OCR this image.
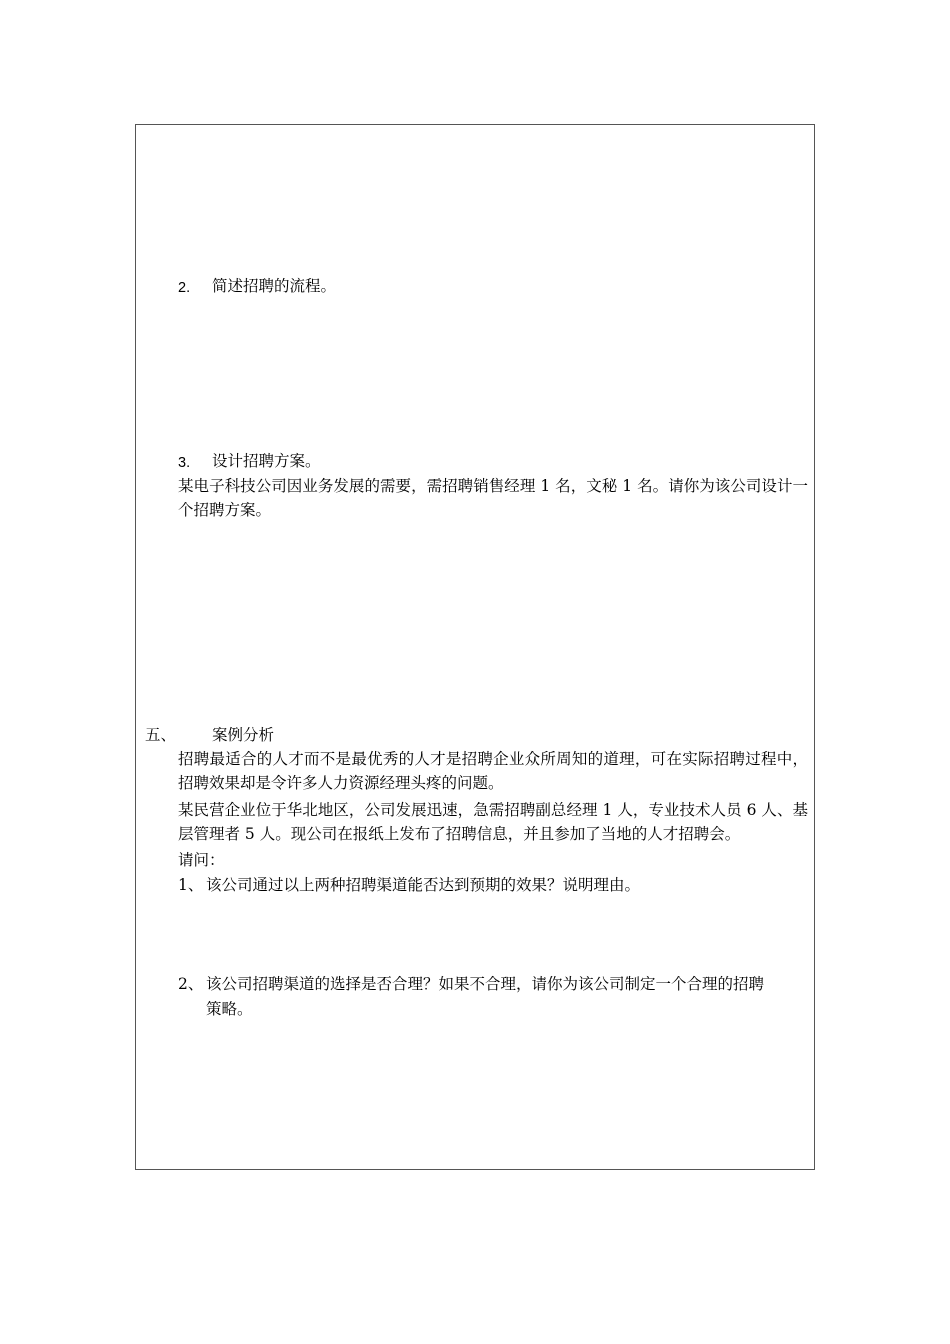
2. 简述招聘的流程。
3. 设计招聘方案。
某电子科技公司因业务发展的需要，需招聘销售经理 1 名，文秘 1 名。请你为该公司设计一个招聘方案。
五、 案例分析
招聘最适合的人才而不是最优秀的人才是招聘企业众所周知的道理，可在实际招聘过程中，招聘效果却是令许多人力资源经理头疼的问题。
某民营企业位于华北地区，公司发展迅速，急需招聘副总经理 1 人，专业技术人员 6 人、基层管理者 5 人。现公司在报纸上发布了招聘信息，并且参加了当地的人才招聘会。
请问：
1、 该公司通过以上两种招聘渠道能否达到预期的效果？说明理由。
2、 该公司招聘渠道的选择是否合理？如果不合理，请你为该公司制定一个合理的招聘
策略。
